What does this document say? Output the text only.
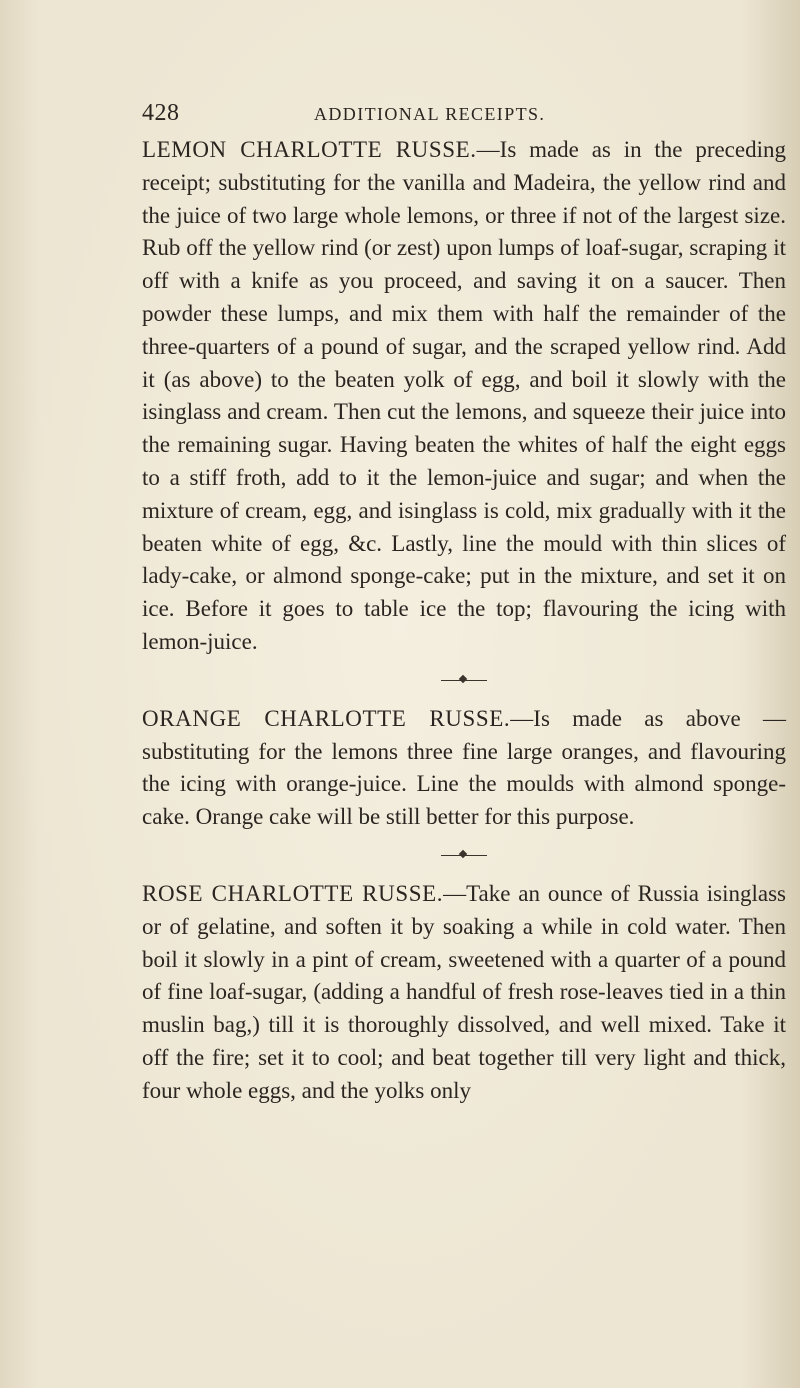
428	ADDITIONAL RECEIPTS.

LEMON CHARLOTTE RUSSE.—Is made as in the preceding receipt; substituting for the vanilla and Madeira, the yellow rind and the juice of two large whole lemons, or three if not of the largest size. Rub off the yellow rind (or zest) upon lumps of loaf-sugar, scraping it off with a knife as you proceed, and saving it on a saucer. Then powder these lumps, and mix them with half the remainder of the three-quarters of a pound of sugar, and the scraped yellow rind. Add it (as above) to the beaten yolk of egg, and boil it slowly with the isinglass and cream. Then cut the lemons, and squeeze their juice into the remaining sugar. Having beaten the whites of half the eight eggs to a stiff froth, add to it the lemon-juice and sugar; and when the mixture of cream, egg, and isinglass is cold, mix gradually with it the beaten white of egg, &c. Lastly, line the mould with thin slices of lady-cake, or almond sponge-cake; put in the mixture, and set it on ice. Before it goes to table ice the top; flavouring the icing with lemon-juice.

ORANGE CHARLOTTE RUSSE.—Is made as above —substituting for the lemons three fine large oranges, and flavouring the icing with orange-juice. Line the moulds with almond sponge-cake. Orange cake will be still better for this purpose.

ROSE CHARLOTTE RUSSE.—Take an ounce of Russia isinglass or of gelatine, and soften it by soaking a while in cold water. Then boil it slowly in a pint of cream, sweetened with a quarter of a pound of fine loaf-sugar, (adding a handful of fresh rose-leaves tied in a thin muslin bag,) till it is thoroughly dissolved, and well mixed. Take it off the fire; set it to cool; and beat together till very light and thick, four whole eggs, and the yolks only
